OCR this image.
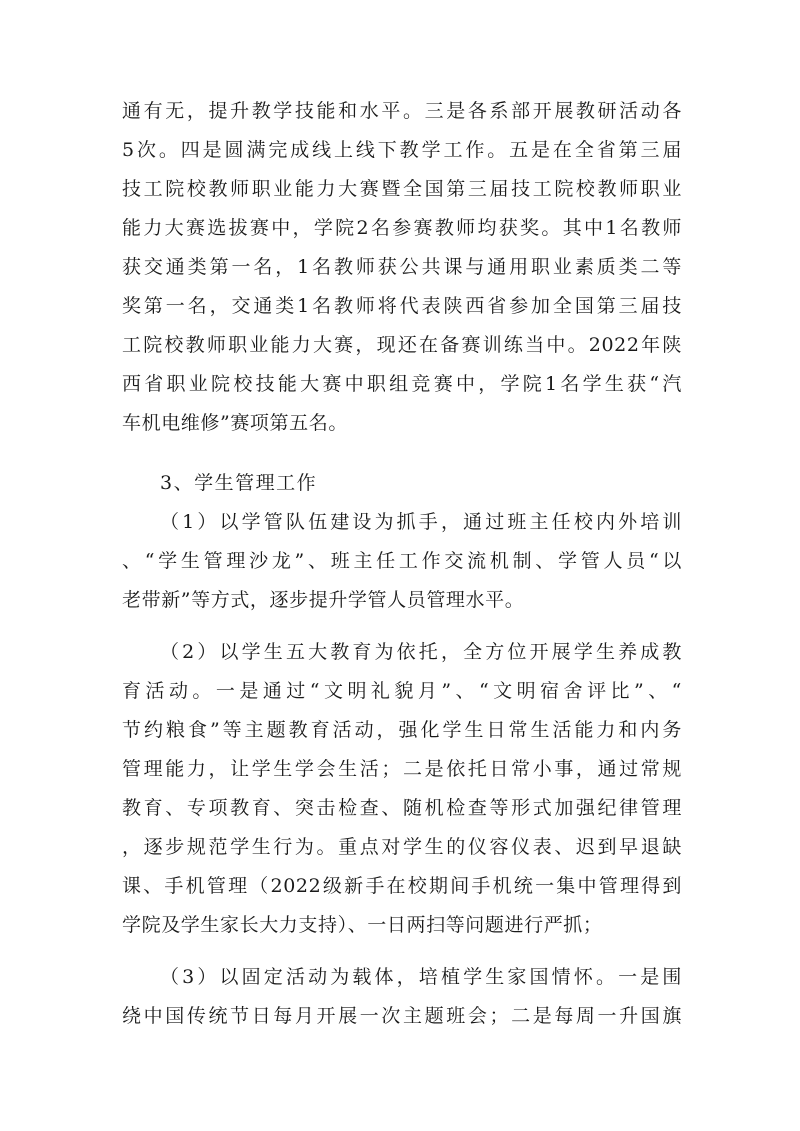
通有无，提升教学技能和水平。三是各系部开展教研活动各
5次。四是圆满完成线上线下教学工作。五是在全省第三届
技工院校教师职业能力大赛暨全国第三届技工院校教师职业
能力大赛选拔赛中，学院2名参赛教师均获奖。其中1名教师
获交通类第一名，1名教师获公共课与通用职业素质类二等
奖第一名，交通类1名教师将代表陕西省参加全国第三届技
工院校教师职业能力大赛，现还在备赛训练当中。2022年陕
西省职业院校技能大赛中职组竞赛中，学院1名学生获“汽
车机电维修”赛项第五名。
3、学生管理工作
（1）以学管队伍建设为抓手，通过班主任校内外培训
、“学生管理沙龙”、班主任工作交流机制、学管人员“以
老带新”等方式，逐步提升学管人员管理水平。
（2）以学生五大教育为依托，全方位开展学生养成教
育活动。一是通过“文明礼貌月”、“文明宿舍评比”、“
节约粮食”等主题教育活动，强化学生日常生活能力和内务
管理能力，让学生学会生活；二是依托日常小事，通过常规
教育、专项教育、突击检查、随机检查等形式加强纪律管理
，逐步规范学生行为。重点对学生的仪容仪表、迟到早退缺
课、手机管理（2022级新手在校期间手机统一集中管理得到
学院及学生家长大力支持）、一日两扫等问题进行严抓；
（3）以固定活动为载体，培植学生家国情怀。一是围
绕中国传统节日每月开展一次主题班会；二是每周一升国旗
